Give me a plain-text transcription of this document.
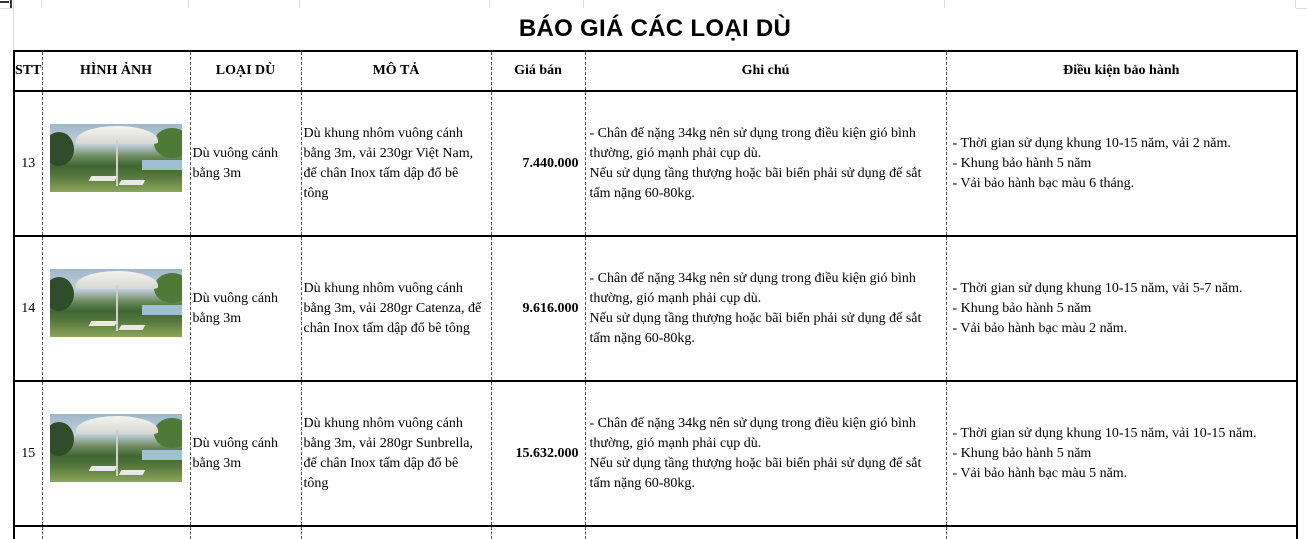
BÁO GIÁ CÁC LOẠI DÙ
STT	HÌNH ẢNH	LOẠI DÙ	MÔ TẢ	Giá bán	Ghi chú	Điều kiện bảo hành
13		Dù vuông cánh
bằng 3m	Dù khung nhôm vuông cánh
bằng 3m, vải 230gr Việt Nam,
đế chân Inox tấm dập đổ bê
tông	7.440.000	- Chân đế nặng 34kg nên sử dụng trong điều kiện gió bình
thường, gió mạnh phải cụp dù.
Nếu sử dụng tầng thượng hoặc bãi biển phải sử dụng đế sắt
tấm nặng 60-80kg.	- Thời gian sử dụng khung 10-15 năm, vải 2 năm.
- Khung bảo hành 5 năm
- Vải bảo hành bạc màu 6 tháng.

14		Dù vuông cánh
bằng 3m	Dù khung nhôm vuông cánh
bằng 3m, vải 280gr Catenza, đế
chân Inox tấm dập đổ bê tông	9.616.000	- Chân đế nặng 34kg nên sử dụng trong điều kiện gió bình
thường, gió mạnh phải cụp dù.
Nếu sử dụng tầng thượng hoặc bãi biển phải sử dụng đế sắt
tấm nặng 60-80kg.	- Thời gian sử dụng khung 10-15 năm, vải 5-7 năm.
- Khung bảo hành 5 năm
- Vải bảo hành bạc màu 2 năm.

15		Dù vuông cánh
bằng 3m	Dù khung nhôm vuông cánh
bằng 3m, vải 280gr Sunbrella,
đế chân Inox tấm dập đổ bê
tông	15.632.000	- Chân đế nặng 34kg nên sử dụng trong điều kiện gió bình
thường, gió mạnh phải cụp dù.
Nếu sử dụng tầng thượng hoặc bãi biển phải sử dụng đế sắt
tấm nặng 60-80kg.	- Thời gian sử dụng khung 10-15 năm, vải 10-15 năm.
- Khung bảo hành 5 năm
- Vải bảo hành bạc màu 5 năm.
